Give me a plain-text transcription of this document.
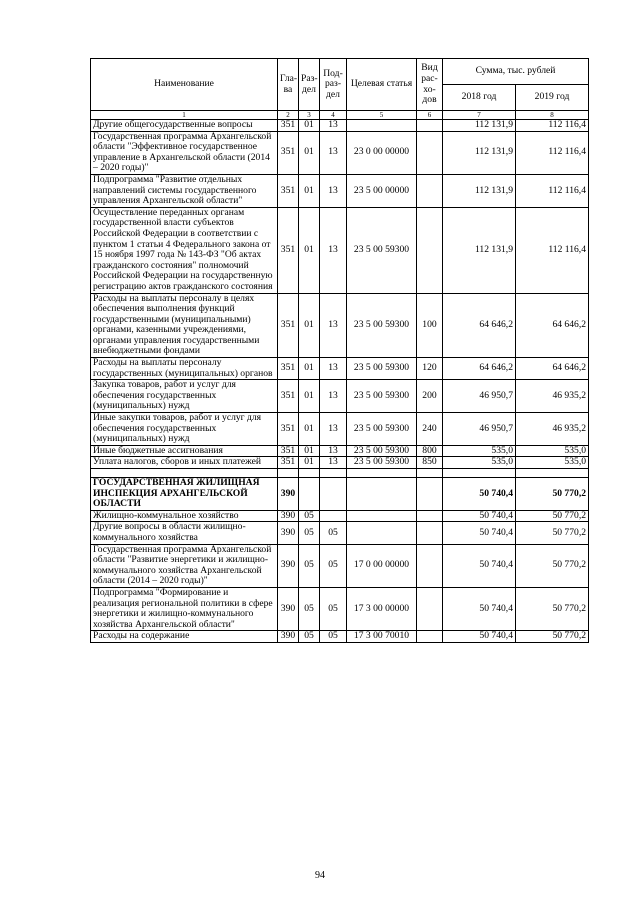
Наименование	Гла-ва	Раз-дел	Под-раз-дел	Целевая статья	Вид рас-хо-дов	Сумма, тыс. рублей	
						2018 год	2019 год
1	2	3	4	5	6	7	8
Другие общегосударственные вопросы	351	01	13			112 131,9	112 116,4
Государственная программа Архангельской области "Эффективное государственное управление в Архангельской области (2014 – 2020 годы)"	351	01	13	23 0 00 00000		112 131,9	112 116,4
Подпрограмма "Развитие отдельных направлений системы государственного управления Архангельской области"	351	01	13	23 5 00 00000		112 131,9	112 116,4
Осуществление переданных органам государственной власти субъектов Российской Федерации в соответствии с пунктом 1 статьи 4 Федерального закона от 15 ноября 1997 года № 143-ФЗ "Об актах гражданского состояния" полномочий Российской Федерации на государственную регистрацию актов гражданского состояния	351	01	13	23 5 00 59300		112 131,9	112 116,4
Расходы на выплаты персоналу в целях обеспечения выполнения функций государственными (муниципальными) органами, казенными учреждениями, органами управления государственными внебюджетными фондами	351	01	13	23 5 00 59300	100	64 646,2	64 646,2
Расходы на выплаты персоналу государственных (муниципальных) органов	351	01	13	23 5 00 59300	120	64 646,2	64 646,2
Закупка товаров, работ и услуг для обеспечения государственных (муниципальных) нужд	351	01	13	23 5 00 59300	200	46 950,7	46 935,2
Иные закупки товаров, работ и услуг для обеспечения государственных (муниципальных) нужд	351	01	13	23 5 00 59300	240	46 950,7	46 935,2
Иные бюджетные ассигнования	351	01	13	23 5 00 59300	800	535,0	535,0
Уплата налогов, сборов и иных платежей	351	01	13	23 5 00 59300	850	535,0	535,0

ГОСУДАРСТВЕННАЯ ЖИЛИЩНАЯ ИНСПЕКЦИЯ АРХАНГЕЛЬСКОЙ ОБЛАСТИ	390					50 740,4	50 770,2
Жилищно-коммунальное хозяйство	390	05				50 740,4	50 770,2
Другие вопросы в области жилищно-коммунального хозяйства	390	05	05			50 740,4	50 770,2
Государственная программа Архангельской области "Развитие энергетики и жилищно-коммунального хозяйства Архангельской области (2014 – 2020 годы)"	390	05	05	17 0 00 00000		50 740,4	50 770,2
Подпрограмма "Формирование и реализация региональной политики в сфере энергетики и жилищно-коммунального хозяйства Архангельской области"	390	05	05	17 3 00 00000		50 740,4	50 770,2
Расходы на содержание	390	05	05	17 3 00 70010		50 740,4	50 770,2
94
